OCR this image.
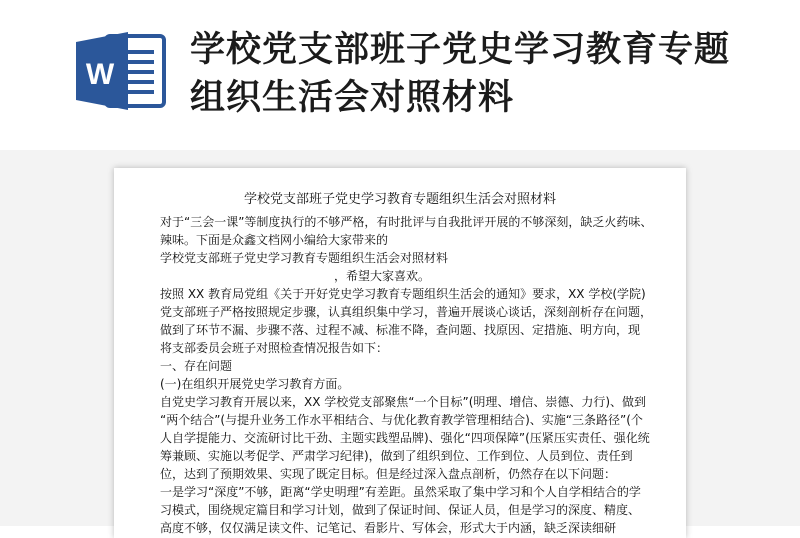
W
学校党支部班子党史学习教育专题组织生活会对照材料
学校党支部班子党史学习教育专题组织生活会对照材料
对于“三会一课”等制度执行的不够严格，有时批评与自我批评开展的不够深刻，缺乏火药味、
辣味。下面是众鑫文档网小编给大家带来的
学校党支部班子党史学习教育专题组织生活会对照材料
，希望大家喜欢。
按照 XX 教育局党组《关于开好党史学习教育专题组织生活会的通知》要求，XX 学校(学院)
党支部班子严格按照规定步骤，认真组织集中学习，普遍开展谈心谈话，深刻剖析存在问题，
做到了环节不漏、步骤不落、过程不减、标准不降，查问题、找原因、定措施、明方向，现
将支部委员会班子对照检查情况报告如下：
一、存在问题
(一)在组织开展党史学习教育方面。
自党史学习教育开展以来，XX 学校党支部聚焦“一个目标”(明理、增信、崇德、力行)、做到
“两个结合”(与提升业务工作水平相结合、与优化教育教学管理相结合)、实施“三条路径”(个
人自学提能力、交流研讨比干劲、主题实践塑品牌)、强化“四项保障”(压紧压实责任、强化统
筹兼顾、实施以考促学、严肃学习纪律)，做到了组织到位、工作到位、人员到位、责任到
位，达到了预期效果、实现了既定目标。但是经过深入盘点剖析，仍然存在以下问题：
一是学习“深度”不够，距离“学史明理”有差距。虽然采取了集中学习和个人自学相结合的学
习模式，围绕规定篇目和学习计划，做到了保证时间、保证人员，但是学习的深度、精度、
高度不够，仅仅满足读文件、记笔记、看影片、写体会，形式大于内涵，缺乏深读细研
